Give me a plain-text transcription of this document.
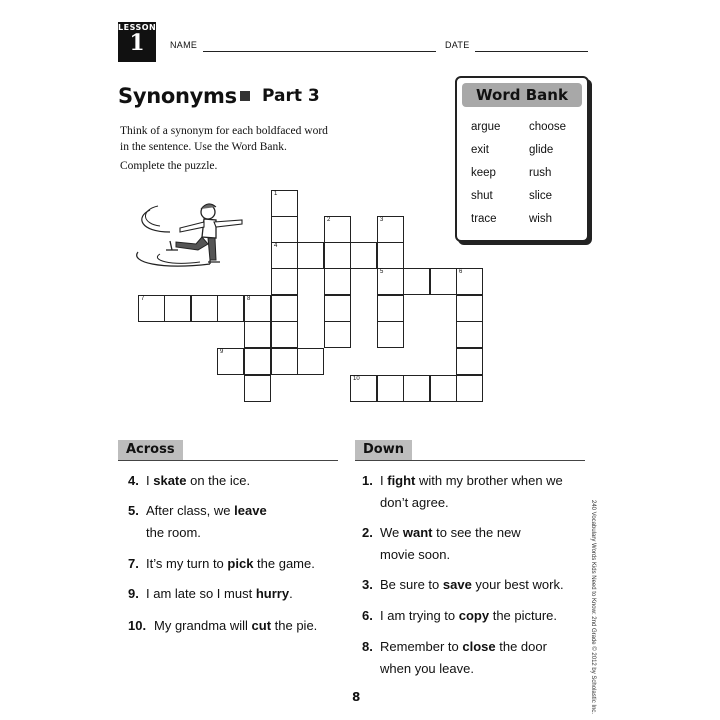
LESSON
1	NAME	DATE
Synonyms Part 3
Think of a synonym for each boldfaced word
in the sentence. Use the Word Bank.
Complete the puzzle.
Word Bank
argue choose
exit	glide
keep	rush
shut	slice
trace	wish
1
4
2	3
5	6
7	8
9
10
Across
4. I skate on the ice.
5. After class, we leave
the room.
7. It’s my turn to pick the game.
9. I am late so I must hurry.
10. My grandma will cut the pie.
Down
1. I fight with my brother when we
don’t agree.
2. We want to see the new
movie soon.
3. Be sure to save your best work.
6. I am trying to copy the picture.
8. Remember to close the door
when you leave.	240 Vocabulary Words Kids Need to Know: 2nd Grade © 2012 by Scholastic Inc.
8
